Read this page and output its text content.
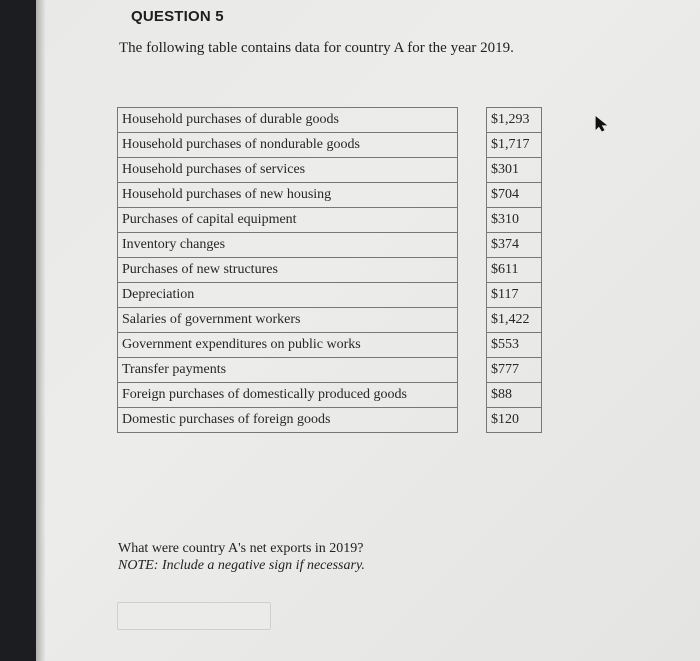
QUESTION 5
The following table contains data for country A for the year 2019.
Household purchases of durable goods		$1,293
Household purchases of nondurable goods		$1,717
Household purchases of services		$301
Household purchases of new housing		$704
Purchases of capital equipment		$310
Inventory changes		$374
Purchases of new structures		$611
Depreciation		$117
Salaries of government workers		$1,422
Government expenditures on public works		$553
Transfer payments		$777
Foreign purchases of domestically produced goods		$88
Domestic purchases of foreign goods		$120
What were country A's net exports in 2019?
NOTE: Include a negative sign if necessary.
